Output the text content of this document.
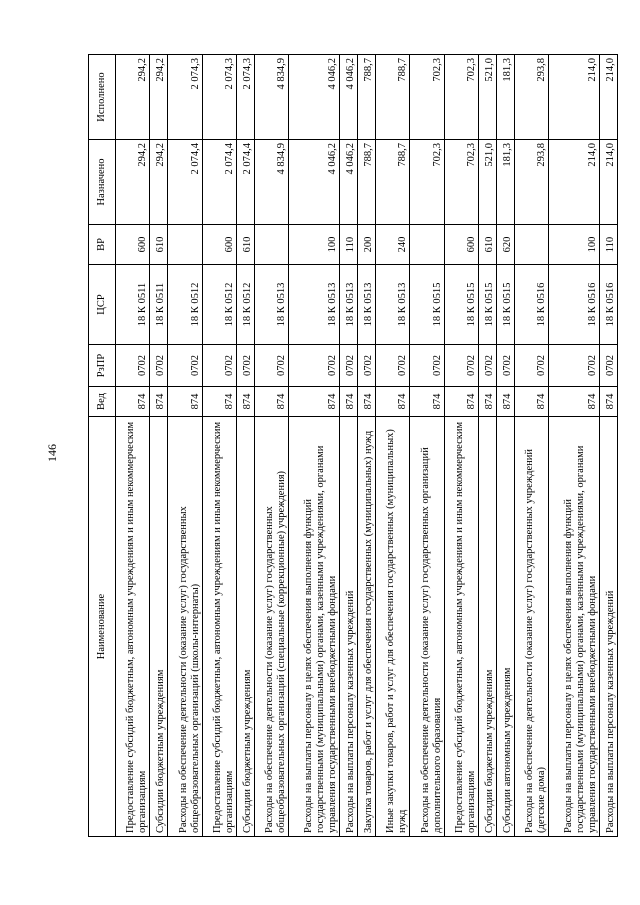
146
Наименование	Вед	РзПР	ЦСР	ВР	Назначено	Исполнено
Предоставление субсидий бюджетным, автономным учреждениям и иным некоммерческим организациям	874	0702	18 К 0511	600	294,2	294,2
Субсидии бюджетным учреждениям	874	0702	18 К 0511	610	294,2	294,2
Расходы на обеспечение деятельности (оказание услуг) государственных общеобразовательных организаций (школы-интернаты)	874	0702	18 К 0512		2 074,4	2 074,3
Предоставление субсидий бюджетным, автономным учреждениям и иным некоммерческим организациям	874	0702	18 К 0512	600	2 074,4	2 074,3
Субсидии бюджетным учреждениям	874	0702	18 К 0512	610	2 074,4	2 074,3
Расходы на обеспечение деятельности (оказание услуг) государственных общеобразовательных организаций (специальные (коррекционные) учреждения)	874	0702	18 К 0513		4 834,9	4 834,9
Расходы на выплаты персоналу в целях обеспечения выполнения функций государственными (муниципальными) органами, казенными учреждениями, органами управления государственными внебюджетными фондами	874	0702	18 К 0513	100	4 046,2	4 046,2
Расходы на выплаты персоналу казенных учреждений	874	0702	18 К 0513	110	4 046,2	4 046,2
Закупка товаров, работ и услуг для обеспечения государственных (муниципальных) нужд	874	0702	18 К 0513	200	788,7	788,7
Иные закупки товаров, работ и услуг для обеспечения государственных (муниципальных) нужд	874	0702	18 К 0513	240	788,7	788,7
Расходы на обеспечение деятельности (оказание услуг) государственных организаций дополнительного образования	874	0702	18 К 0515		702,3	702,3
Предоставление субсидий бюджетным, автономным учреждениям и иным некоммерческим организациям	874	0702	18 К 0515	600	702,3	702,3
Субсидии бюджетным учреждениям	874	0702	18 К 0515	610	521,0	521,0
Субсидии автономным учреждениям	874	0702	18 К 0515	620	181,3	181,3
Расходы на обеспечение деятельности (оказание услуг) государственных учреждений (детские дома)	874	0702	18 К 0516		293,8	293,8
Расходы на выплаты персоналу в целях обеспечения выполнения функций государственными (муниципальными) органами, казенными учреждениями, органами управления государственными внебюджетными фондами	874	0702	18 К 0516	100	214,0	214,0
Расходы на выплаты персоналу казенных учреждений	874	0702	18 К 0516	110	214,0	214,0
